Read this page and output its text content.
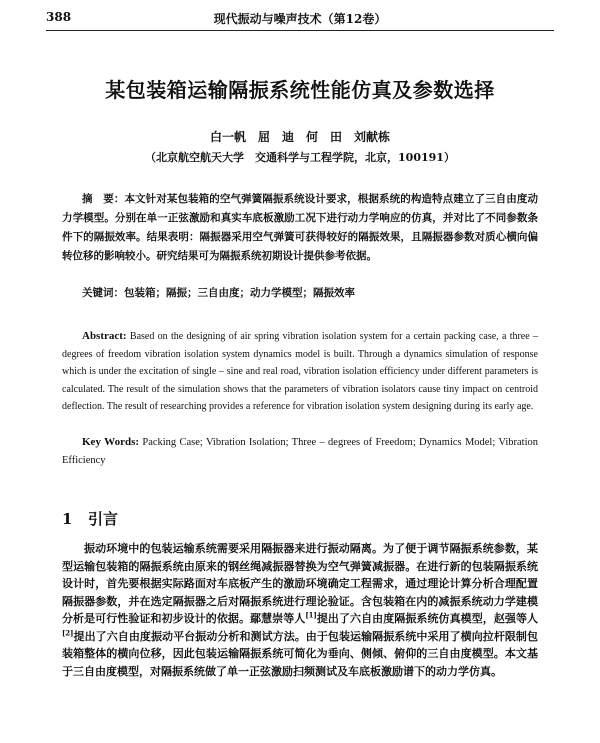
388	现代振动与噪声技术（第12卷）
某包装箱运输隔振系统性能仿真及参数选择
白一帆　屈　迪　何　田　刘献栋
（北京航空航天大学　交通科学与工程学院，北京，100191）
摘　要：本文针对某包装箱的空气弹簧隔振系统设计要求，根据系统的构造特点建立了三自由度动力学模型。分别在单一正弦激励和真实车底板激励工况下进行动力学响应的仿真，并对比了不同参数条件下的隔振效率。结果表明：隔振器采用空气弹簧可获得较好的隔振效果，且隔振器参数对质心横向偏转位移的影响较小。研究结果可为隔振系统初期设计提供参考依据。
关键词：包装箱；隔振；三自由度；动力学模型；隔振效率
Abstract: Based on the designing of air spring vibration isolation system for a certain packing case, a three – degrees of freedom vibration isolation system dynamics model is built. Through a dynamics simulation of response which is under the excitation of single – sine and real road, vibration isolation efficiency under different parameters is calculated. The result of the simulation shows that the parameters of vibration isolators cause tiny impact on centroid deflection. The result of researching provides a reference for vibration isolation system designing during its early age.
Key Words: Packing Case; Vibration Isolation; Three – degrees of Freedom; Dynamics Model; Vibration Efficiency
1 引言
振动环境中的包装运输系统需要采用隔振器来进行振动隔离。为了便于调节隔振系统参数，某型运输包装箱的隔振系统由原来的钢丝绳减振器替换为空气弹簧减振器。在进行新的包装隔振系统设计时，首先要根据实际路面对车底板产生的激励环境确定工程需求，通过理论计算分析合理配置隔振器参数，并在选定隔振器之后对隔振系统进行理论验证。含包装箱在内的减振系统动力学建模分析是可行性验证和初步设计的依据。鄢慧崇等人[1]提出了六自由度隔振系统仿真模型，赵强等人[2]提出了六自由度振动平台振动分析和测试方法。由于包装运输隔振系统中采用了横向拉杆限制包装箱整体的横向位移，因此包装运输隔振系统可简化为垂向、侧倾、俯仰的三自由度模型。本文基于三自由度模型，对隔振系统做了单一正弦激励扫频测试及车底板激励谱下的动力学仿真。
